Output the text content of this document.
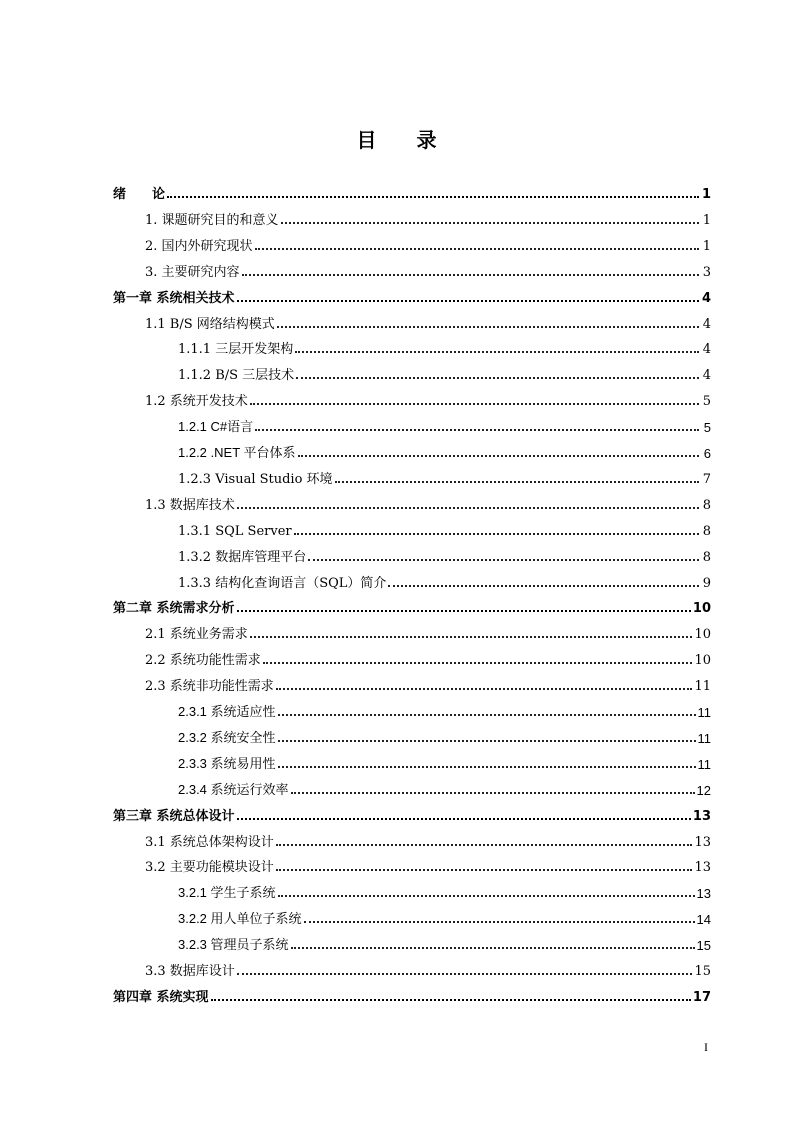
目 录
绪　　论	1
1. 课题研究目的和意义	1
2. 国内外研究现状	1
3. 主要研究内容	3
第一章 系统相关技术	4
1.1 B/S 网络结构模式	4
1.1.1 三层开发架构	4
1.1.2 B/S 三层技术	4
1.2 系统开发技术	5
1.2.1 C#语言	5
1.2.2 .NET 平台体系	6
1.2.3 Visual Studio 环境	7
1.3 数据库技术	8
1.3.1 SQL Server	8
1.3.2 数据库管理平台	8
1.3.3 结构化查询语言（SQL）简介	9
第二章 系统需求分析	10
2.1 系统业务需求	10
2.2 系统功能性需求	10
2.3 系统非功能性需求	11
2.3.1 系统适应性	11
2.3.2 系统安全性	11
2.3.3 系统易用性	11
2.3.4 系统运行效率	12
第三章 系统总体设计	13
3.1 系统总体架构设计	13
3.2 主要功能模块设计	13
3.2.1 学生子系统	13
3.2.2 用人单位子系统	14
3.2.3 管理员子系统	15
3.3 数据库设计	15
第四章 系统实现	17
I
